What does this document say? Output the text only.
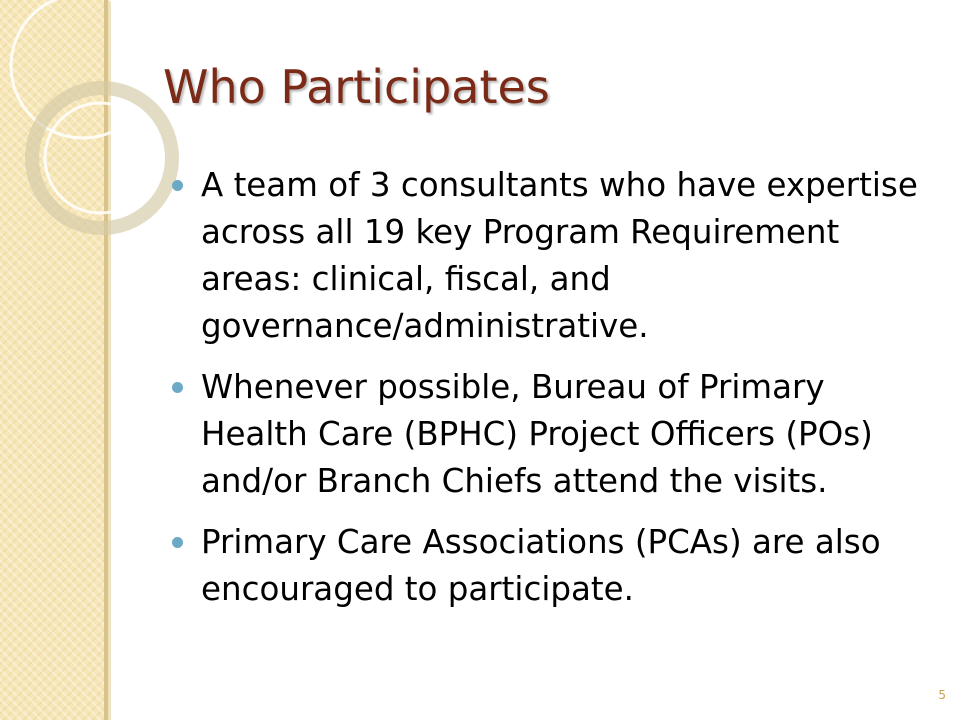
Who Participates
A team of 3 consultants who have expertise across all 19 key Program Requirement areas: clinical, fiscal, and governance/administrative.
Whenever possible, Bureau of Primary Health Care (BPHC) Project Officers (POs) and/or Branch Chiefs attend the visits.
Primary Care Associations (PCAs) are also encouraged to participate.
5
